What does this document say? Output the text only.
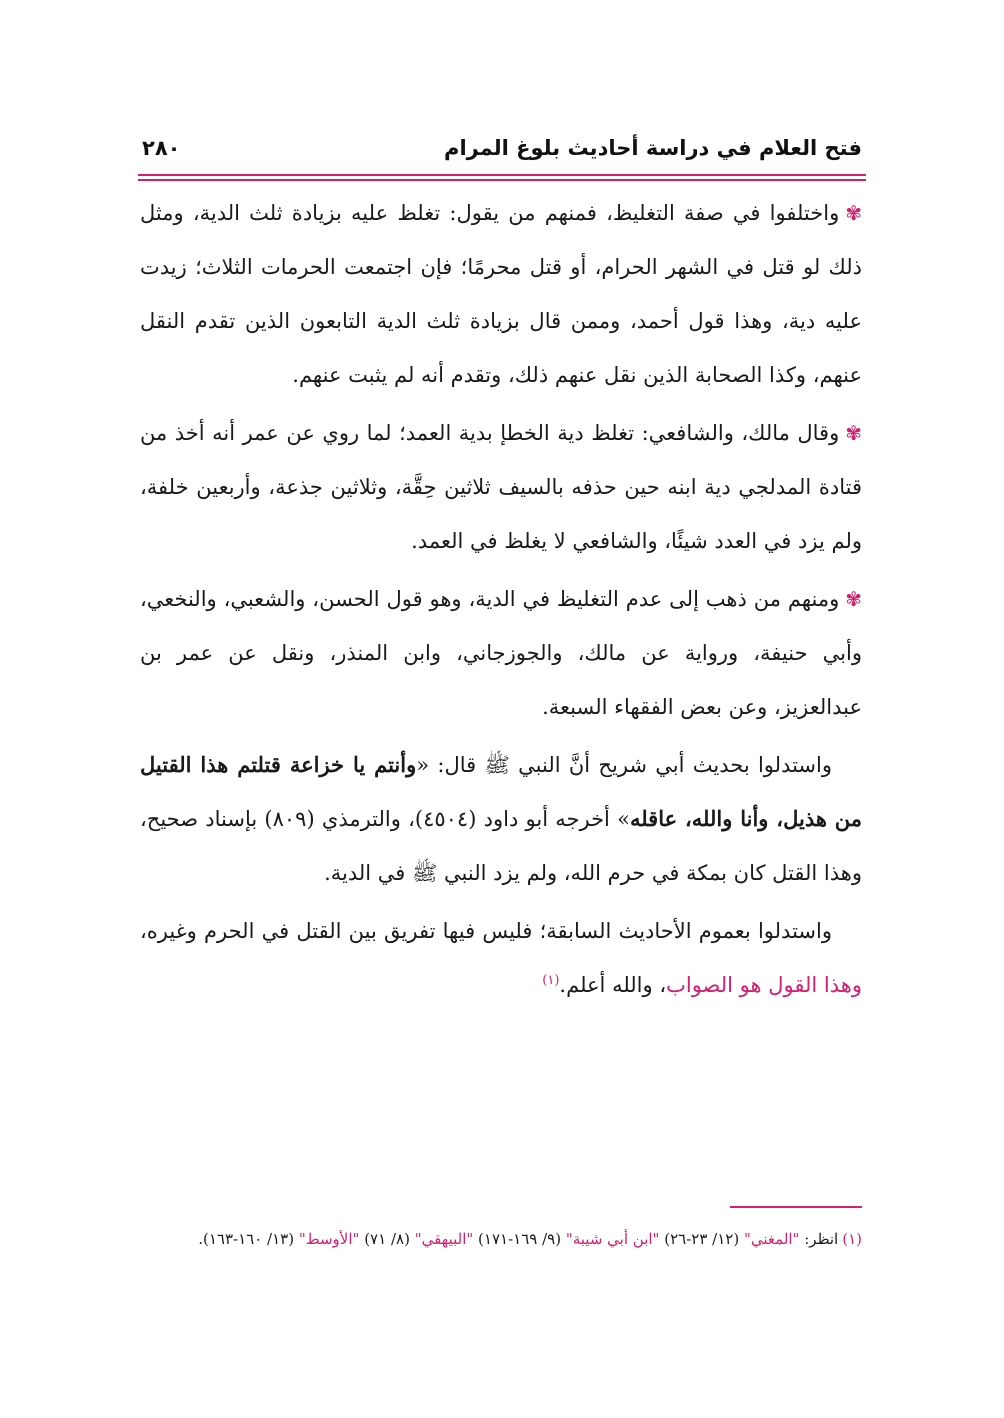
فتح العلام في دراسة أحاديث بلوغ المرام
٢٨٠

✾واختلفوا في صفة التغليظ، فمنهم من يقول: تغلظ عليه بزيادة ثلث الدية، ومثل ذلك لو قتل في الشهر الحرام، أو قتل محرمًا؛ فإن اجتمعت الحرمات الثلاث؛ زيدت عليه دية، وهذا قول أحمد، وممن قال بزيادة ثلث الدية التابعون الذين تقدم النقل عنهم، وكذا الصحابة الذين نقل عنهم ذلك، وتقدم أنه لم يثبت عنهم.

✾وقال مالك، والشافعي: تغلظ دية الخطإ بدية العمد؛ لما روي عن عمر أنه أخذ من قتادة المدلجي دية ابنه حين حذفه بالسيف ثلاثين حِقَّة، وثلاثين جذعة، وأربعين خلفة، ولم يزد في العدد شيئًا، والشافعي لا يغلظ في العمد.

✾ومنهم من ذهب إلى عدم التغليظ في الدية، وهو قول الحسن، والشعبي، والنخعي، وأبي حنيفة، ورواية عن مالك، والجوزجاني، وابن المنذر، ونقل عن عمر بن عبدالعزيز، وعن بعض الفقهاء السبعة.

واستدلوا بحديث أبي شريح أنَّ النبي ﷺ قال: «وأنتم يا خزاعة قتلتم هذا القتيل من هذيل، وأنا والله، عاقله» أخرجه أبو داود (٤٥٠٤)، والترمذي (٨٠٩) بإسناد صحيح، وهذا القتل كان بمكة في حرم الله، ولم يزد النبي ﷺ في الدية.

واستدلوا بعموم الأحاديث السابقة؛ فليس فيها تفريق بين القتل في الحرم وغيره، وهذا القول هو الصواب، والله أعلم.$^{(١)}$

(١)انظر: "المغني" (١٢/ ٢٣-٢٦) "ابن أبي شيبة" (٩/ ١٦٩-١٧١) "البيهقي" (٨/ ٧١) "الأوسط" (١٣/ ١٦٠-١٦٣).
